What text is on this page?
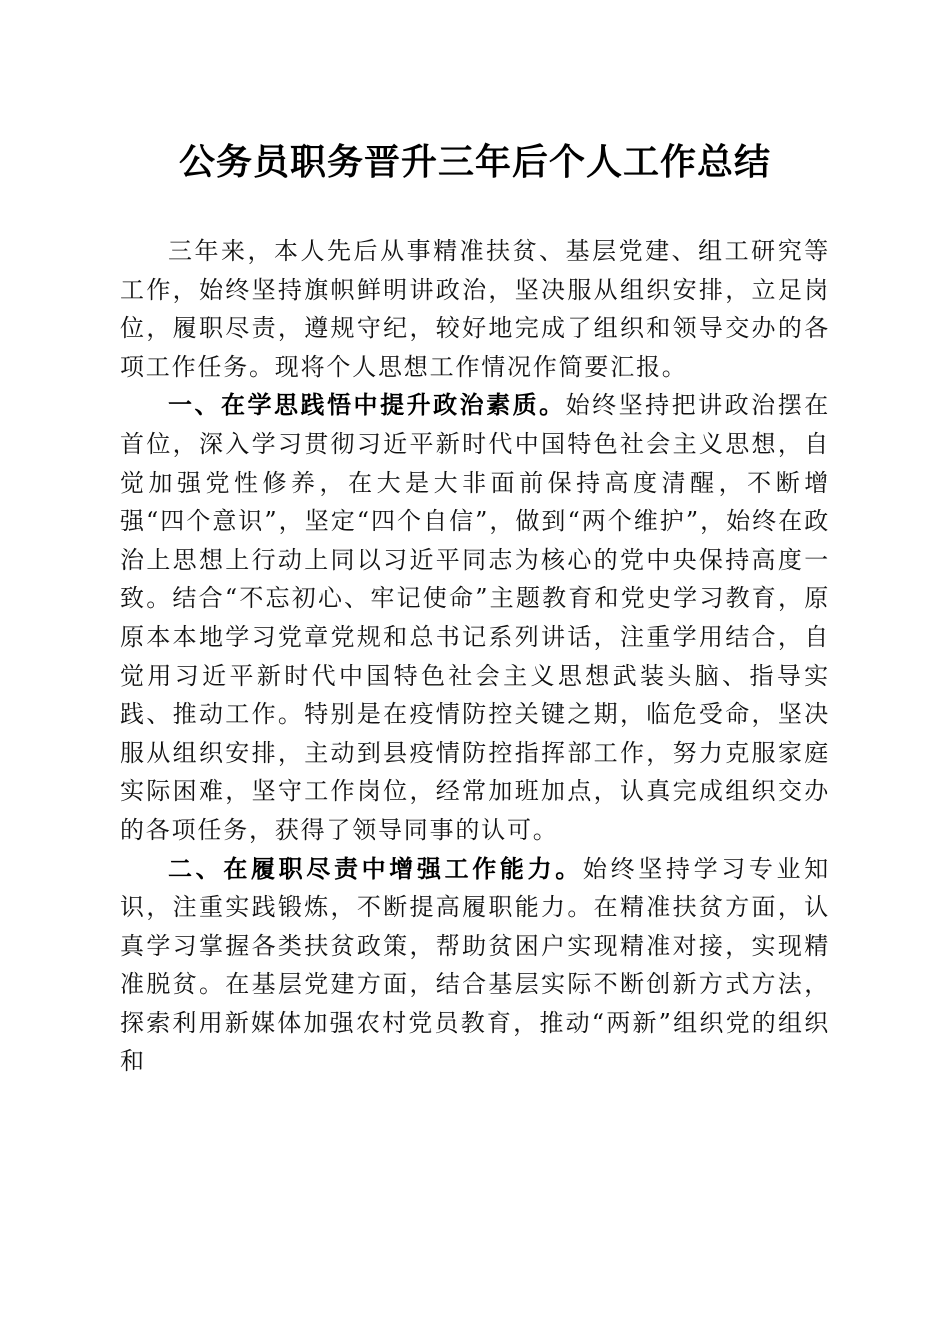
公务员职务晋升三年后个人工作总结

三年来，本人先后从事精准扶贫、基层党建、组工研究等工作，始终坚持旗帜鲜明讲政治，坚决服从组织安排，立足岗位，履职尽责，遵规守纪，较好地完成了组织和领导交办的各项工作任务。现将个人思想工作情况作简要汇报。

一、在学思践悟中提升政治素质。始终坚持把讲政治摆在首位，深入学习贯彻习近平新时代中国特色社会主义思想，自觉加强党性修养，在大是大非面前保持高度清醒，不断增强“四个意识”，坚定“四个自信”，做到“两个维护”，始终在政治上思想上行动上同以习近平同志为核心的党中央保持高度一致。结合“不忘初心、牢记使命”主题教育和党史学习教育，原原本本地学习党章党规和总书记系列讲话，注重学用结合，自觉用习近平新时代中国特色社会主义思想武装头脑、指导实践、推动工作。特别是在疫情防控关键之期，临危受命，坚决服从组织安排，主动到县疫情防控指挥部工作，努力克服家庭实际困难，坚守工作岗位，经常加班加点，认真完成组织交办的各项任务，获得了领导同事的认可。

二、在履职尽责中增强工作能力。始终坚持学习专业知识，注重实践锻炼，不断提高履职能力。在精准扶贫方面，认真学习掌握各类扶贫政策，帮助贫困户实现精准对接，实现精准脱贫。在基层党建方面，结合基层实际不断创新方式方法，探索利用新媒体加强农村党员教育，推动“两新”组织党的组织和
